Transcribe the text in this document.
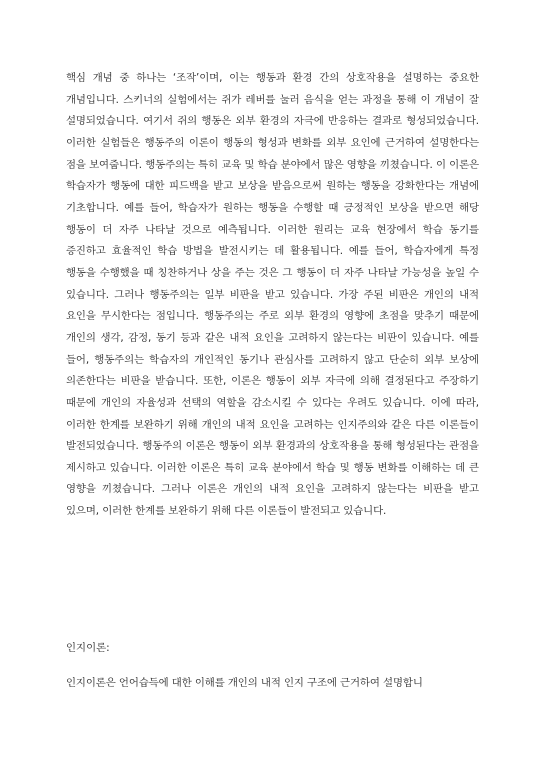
핵심 개념 중 하나는 ‘조작’이며, 이는 행동과 환경 간의 상호작용을 설명하는 중요한 개념입니다. 스키너의 실험에서는 쥐가 레버를 눌러 음식을 얻는 과정을 통해 이 개념이 잘 설명되었습니다. 여기서 쥐의 행동은 외부 환경의 자극에 반응하는 결과로 형성되었습니다. 이러한 실험들은 행동주의 이론이 행동의 형성과 변화를 외부 요인에 근거하여 설명한다는 점을 보여줍니다. 행동주의는 특히 교육 및 학습 분야에서 많은 영향을 끼쳤습니다. 이 이론은 학습자가 행동에 대한 피드백을 받고 보상을 받음으로써 원하는 행동을 강화한다는 개념에 기초합니다. 예를 들어, 학습자가 원하는 행동을 수행할 때 긍정적인 보상을 받으면 해당 행동이 더 자주 나타날 것으로 예측됩니다. 이러한 원리는 교육 현장에서 학습 동기를 증진하고 효율적인 학습 방법을 발전시키는 데 활용됩니다. 예를 들어, 학습자에게 특정 행동을 수행했을 때 칭찬하거나 상을 주는 것은 그 행동이 더 자주 나타날 가능성을 높일 수 있습니다. 그러나 행동주의는 일부 비판을 받고 있습니다. 가장 주된 비판은 개인의 내적 요인을 무시한다는 점입니다. 행동주의는 주로 외부 환경의 영향에 초점을 맞추기 때문에 개인의 생각, 감정, 동기 등과 같은 내적 요인을 고려하지 않는다는 비판이 있습니다. 예를 들어, 행동주의는 학습자의 개인적인 동기나 관심사를 고려하지 않고 단순히 외부 보상에 의존한다는 비판을 받습니다. 또한, 이론은 행동이 외부 자극에 의해 결정된다고 주장하기 때문에 개인의 자율성과 선택의 역할을 감소시킬 수 있다는 우려도 있습니다. 이에 따라, 이러한 한계를 보완하기 위해 개인의 내적 요인을 고려하는 인지주의와 같은 다른 이론들이 발전되었습니다. 행동주의 이론은 행동이 외부 환경과의 상호작용을 통해 형성된다는 관점을 제시하고 있습니다. 이러한 이론은 특히 교육 분야에서 학습 및 행동 변화를 이해하는 데 큰 영향을 끼쳤습니다. 그러나 이론은 개인의 내적 요인을 고려하지 않는다는 비판을 받고 있으며, 이러한 한계를 보완하기 위해 다른 이론들이 발전되고 있습니다.

인지이론:

인지이론은 언어습득에 대한 이해를 개인의 내적 인지 구조에 근거하여 설명합니
